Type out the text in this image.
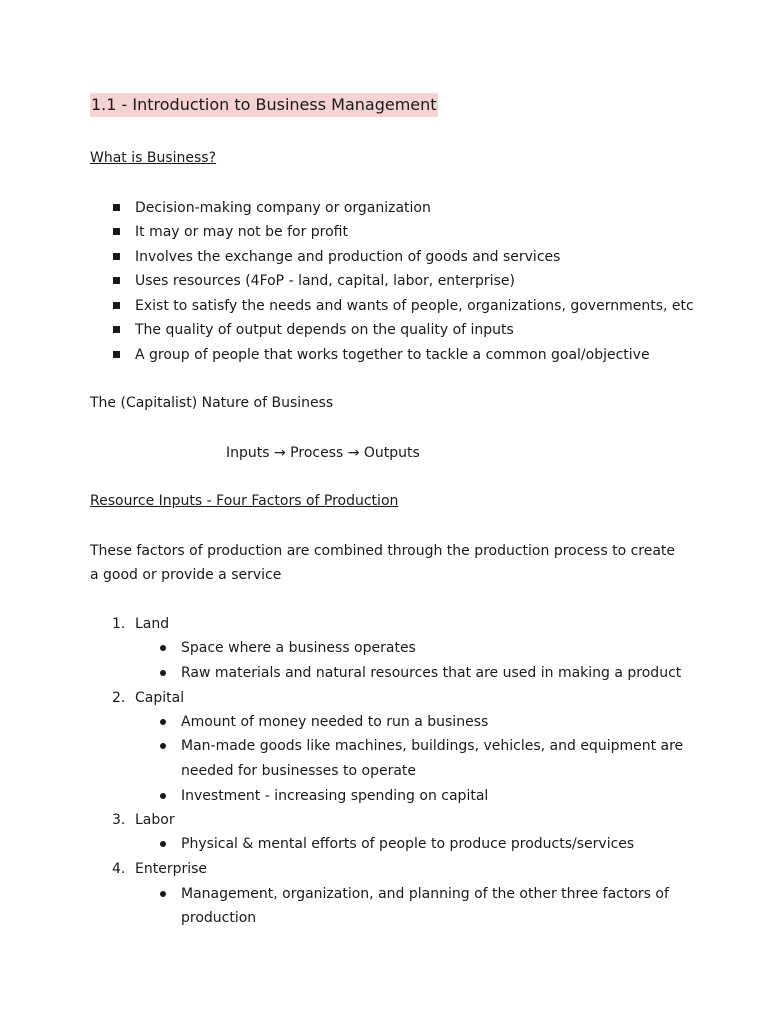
1.1 - Introduction to Business Management
What is Business?
Decision-making company or organization
It may or may not be for profit
Involves the exchange and production of goods and services
Uses resources (4FoP - land, capital, labor, enterprise)
Exist to satisfy the needs and wants of people, organizations, governments, etc
The quality of output depends on the quality of inputs
A group of people that works together to tackle a common goal/objective
The (Capitalist) Nature of Business
Inputs → Process → Outputs
Resource Inputs - Four Factors of Production
These factors of production are combined through the production process to create
a good or provide a service
1. Land
Space where a business operates
Raw materials and natural resources that are used in making a product
2. Capital
Amount of money needed to run a business
Man-made goods like machines, buildings, vehicles, and equipment are
needed for businesses to operate
Investment - increasing spending on capital
3. Labor
Physical & mental efforts of people to produce products/services
4. Enterprise
Management, organization, and planning of the other three factors of
production
